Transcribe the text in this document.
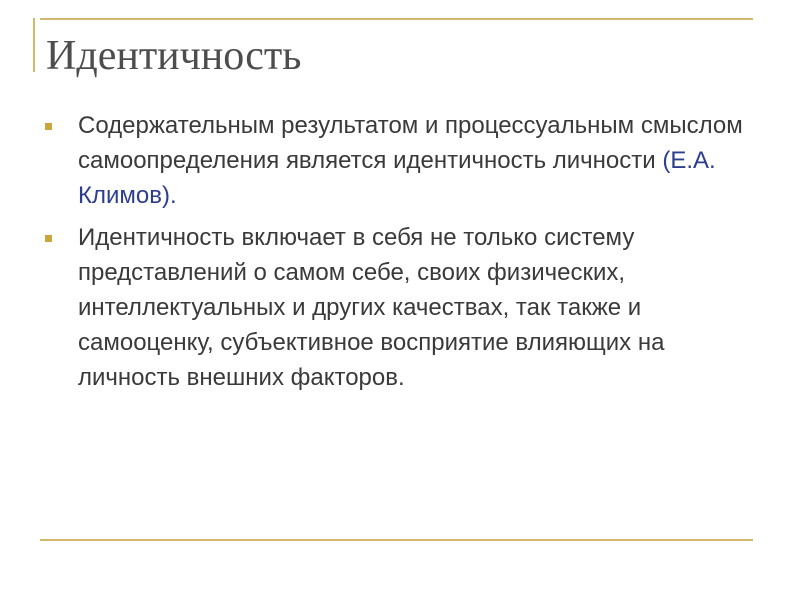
Идентичность
Содержательным результатом и процессуальным смыслом самоопределения является идентичность личности (Е.А. Климов).
Идентичность включает в себя не только систему представлений о самом себе, своих физических, интеллектуальных и других качествах, так также и самооценку, субъективное восприятие влияющих на личность внешних факторов.
